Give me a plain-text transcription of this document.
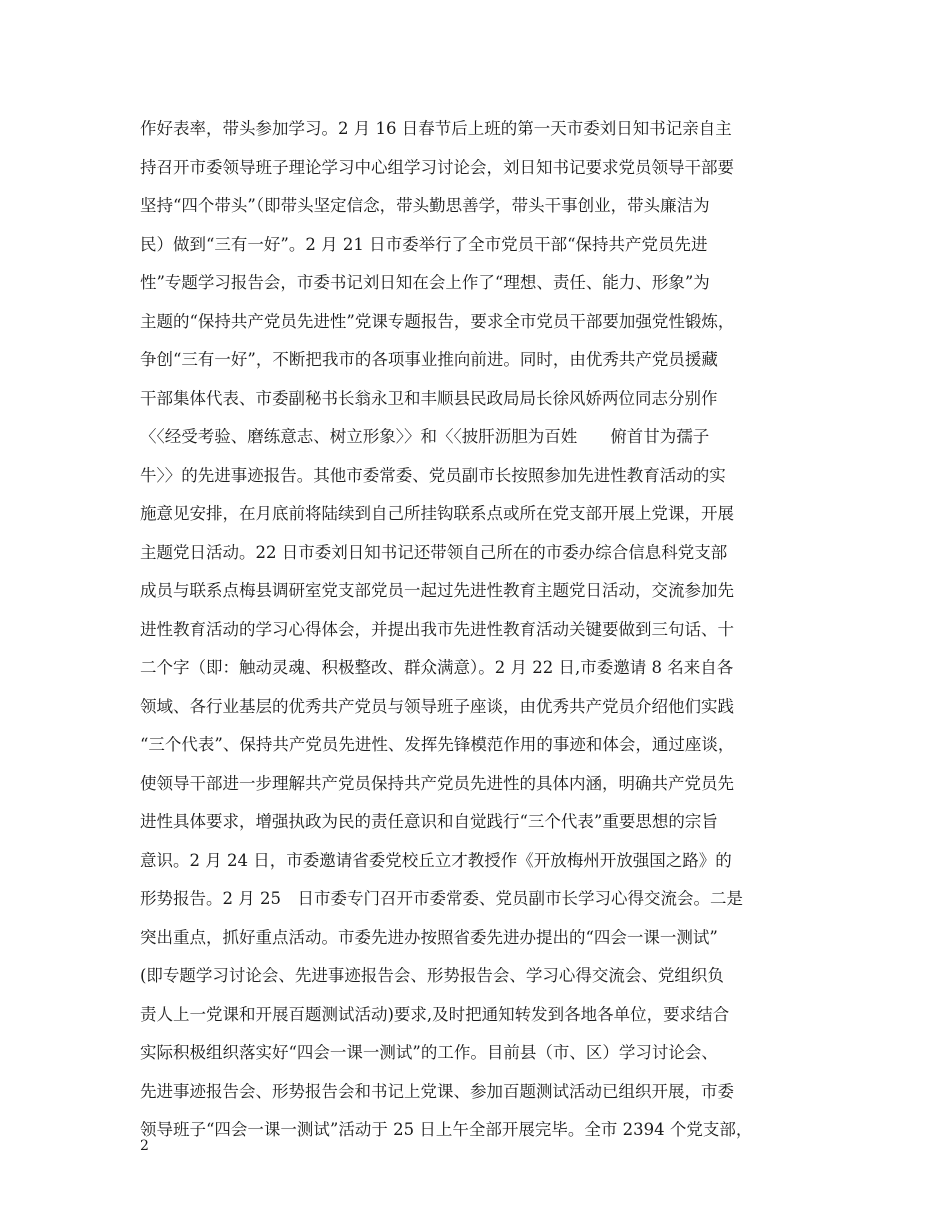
作好表率，带头参加学习。2 月 16 日春节后上班的第一天市委刘日知书记亲自主
持召开市委领导班子理论学习中心组学习讨论会，刘日知书记要求党员领导干部要
坚持“四个带头”（即带头坚定信念，带头勤思善学，带头干事创业，带头廉洁为
民）做到“三有一好”。2 月 21 日市委举行了全市党员干部“保持共产党员先进
性”专题学习报告会，市委书记刘日知在会上作了“理想、责任、能力、形象”为
主题的“保持共产党员先进性”党课专题报告，要求全市党员干部要加强党性锻炼，
争创“三有一好”，不断把我市的各项事业推向前进。同时，由优秀共产党员援藏
干部集体代表、市委副秘书长翁永卫和丰顺县民政局局长徐风娇两位同志分别作
〈〈经受考验、磨练意志、树立形象〉〉和〈〈披肝沥胆为百姓　　俯首甘为孺子
牛〉〉的先进事迹报告。其他市委常委、党员副市长按照参加先进性教育活动的实
施意见安排，在月底前将陆续到自己所挂钩联系点或所在党支部开展上党课，开展
主题党日活动。22 日市委刘日知书记还带领自己所在的市委办综合信息科党支部
成员与联系点梅县调研室党支部党员一起过先进性教育主题党日活动，交流参加先
进性教育活动的学习心得体会，并提出我市先进性教育活动关键要做到三句话、十
二个字（即：触动灵魂、积极整改、群众满意）。2 月 22 日,市委邀请 8 名来自各
领域、各行业基层的优秀共产党员与领导班子座谈，由优秀共产党员介绍他们实践
“三个代表”、保持共产党员先进性、发挥先锋模范作用的事迹和体会，通过座谈，
使领导干部进一步理解共产党员保持共产党员先进性的具体内涵，明确共产党员先
进性具体要求，增强执政为民的责任意识和自觉践行“三个代表”重要思想的宗旨
意识。2 月 24 日，市委邀请省委党校丘立才教授作《开放梅州开放强国之路》的
形势报告。2 月 25　日市委专门召开市委常委、党员副市长学习心得交流会。二是
突出重点，抓好重点活动。市委先进办按照省委先进办提出的“四会一课一测试”
(即专题学习讨论会、先进事迹报告会、形势报告会、学习心得交流会、党组织负
责人上一党课和开展百题测试活动)要求,及时把通知转发到各地各单位，要求结合
实际积极组织落实好“四会一课一测试”的工作。目前县（市、区）学习讨论会、
先进事迹报告会、形势报告会和书记上党课、参加百题测试活动已组织开展，市委
领导班子“四会一课一测试”活动于 25 日上午全部开展完毕。全市 2394 个党支部，
2
